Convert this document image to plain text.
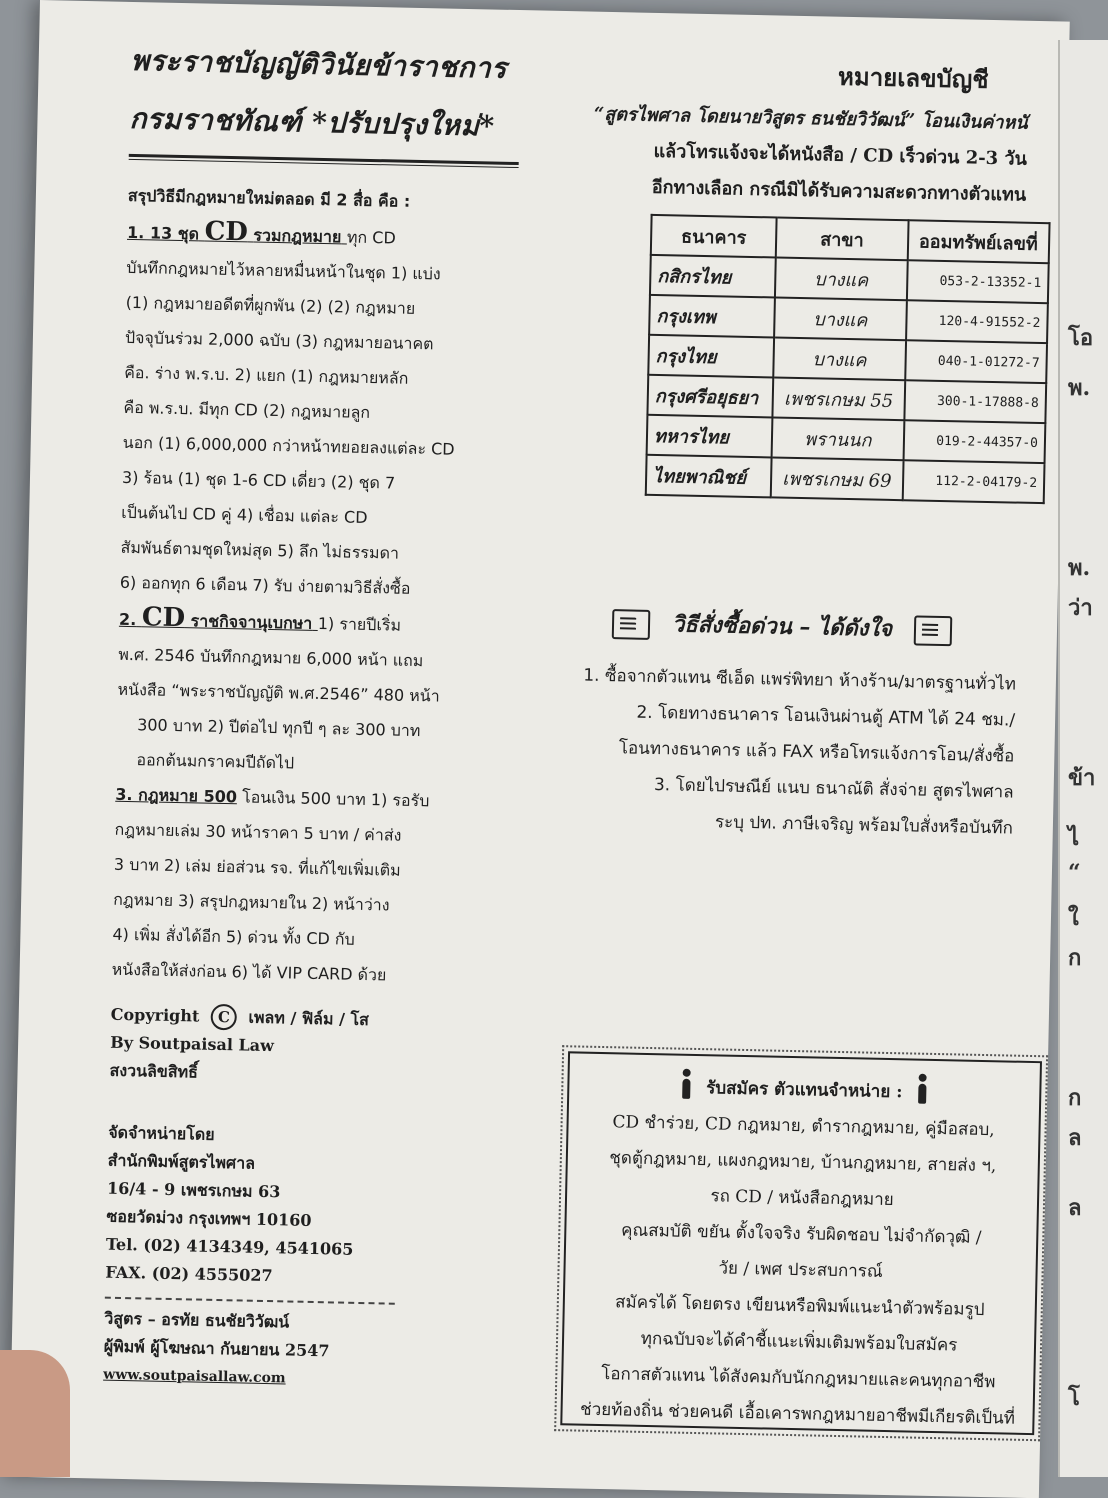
พระราชบัญญัติวินัยข้าราชการ
กรมราชทัณฑ์ *ปรับปรุงใหม่*
สรุปวิธีมีกฎหมายใหม่ตลอด มี 2 สื่อ คือ :
1. 13 ชุด CD รวมกฎหมาย ทุก CD
บันทึกกฎหมายไว้หลายหมื่นหน้าในชุด 1) แบ่ง
(1) กฎหมายอดีตที่ผูกพัน (2) (2) กฎหมาย
ปัจจุบันร่วม 2,000 ฉบับ (3) กฎหมายอนาคต
คือ. ร่าง พ.ร.บ. 2) แยก (1) กฎหมายหลัก
คือ พ.ร.บ. มีทุก CD (2) กฎหมายลูก
นอก (1) 6,000,000 กว่าหน้าทยอยลงแต่ละ CD
3) ร้อน (1) ชุด 1-6 CD เดี่ยว (2) ชุด 7
เป็นต้นไป CD คู่ 4) เชื่อม แต่ละ CD
สัมพันธ์ตามชุดใหม่สุด 5) ลึก ไม่ธรรมดา
6) ออกทุก 6 เดือน 7) รับ ง่ายตามวิธีสั่งซื้อ
2. CD ราชกิจจานุเบกษา 1) รายปีเริ่ม
พ.ศ. 2546 บันทึกกฎหมาย 6,000 หน้า แถม
หนังสือ “พระราชบัญญัติ พ.ศ.2546” 480 หน้า
300 บาท 2) ปีต่อไป ทุกปี ๆ ละ 300 บาท
ออกต้นมกราคมปีถัดไป
3. กฎหมาย 500 โอนเงิน 500 บาท 1) รอรับ
กฎหมายเล่ม 30 หน้าราคา 5 บาท / ค่าส่ง
3 บาท 2) เล่ม ย่อส่วน รจ. ที่แก้ไขเพิ่มเติม
กฎหมาย 3) สรุปกฎหมายใน 2) หน้าว่าง
4) เพิ่ม สั่งได้อีก 5) ด่วน ทั้ง CD กับ
หนังสือให้ส่งก่อน 6) ได้ VIP CARD ด้วย
Copyright C เพลท / ฟิล์ม / โส
By Soutpaisal Law
สงวนลิขสิทธิ์
จัดจำหน่ายโดย
สำนักพิมพ์สูตรไพศาล
16/4 - 9 เพชรเกษม 63
ซอยวัดม่วง กรุงเทพฯ 10160
Tel. (02) 4134349, 4541065
FAX. (02) 4555027
วิสูตร – อรทัย ธนชัยวิวัฒน์
ผู้พิมพ์ ผู้โฆษณา กันยายน 2547
www.soutpaisallaw.com
หมายเลขบัญชี
“สูตรไพศาล โดยนายวิสูตร ธนชัยวิวัฒน์” โอนเงินค่าหนั
แล้วโทรแจ้งจะได้หนังสือ / CD เร็วด่วน 2-3 วัน
อีกทางเลือก กรณีมิได้รับความสะดวกทางตัวแทน
ธนาคาร	สาขา	ออมทรัพย์เลขที่
กสิกรไทย	บางแค	053-2-13352-1
กรุงเทพ	บางแค	120-4-91552-2
กรุงไทย	บางแค	040-1-01272-7
กรุงศรีอยุธยา	เพชรเกษม 55	300-1-17888-8
ทหารไทย	พรานนก	019-2-44357-0
ไทยพาณิชย์	เพชรเกษม 69	112-2-04179-2
วิธีสั่งซื้อด่วน – ได้ดังใจ
1. ซื้อจากตัวแทน ซีเอ็ด แพร่พิทยา ห้างร้าน/มาตรฐานทั่วไท
2. โดยทางธนาคาร โอนเงินผ่านตู้ ATM ได้ 24 ชม./
โอนทางธนาคาร แล้ว FAX หรือโทรแจ้งการโอน/สั่งซื้อ
3. โดยไปรษณีย์ แนบ ธนาณัติ สั่งจ่าย สูตรไพศาล
ระบุ ปท. ภาษีเจริญ พร้อมใบสั่งหรือบันทึก
รับสมัคร ตัวแทนจำหน่าย :
CD ชำร่วย, CD กฎหมาย, ตำรากฎหมาย, คู่มือสอบ,
ชุดตู้กฎหมาย, แผงกฎหมาย, บ้านกฎหมาย, สายส่ง ฯ,
รถ CD / หนังสือกฎหมาย
คุณสมบัติ ขยัน ตั้งใจจริง รับผิดชอบ ไม่จำกัดวุฒิ /
วัย / เพศ ประสบการณ์
สมัครได้ โดยตรง เขียนหรือพิมพ์แนะนำตัวพร้อมรูป
ทุกฉบับจะได้คำชี้แนะเพิ่มเติมพร้อมใบสมัคร
โอกาสตัวแทน ได้สังคมกับนักกฎหมายและคนทุกอาชีพ
ช่วยท้องถิ่น ช่วยคนดี เอื้อเคารพกฎหมายอาชีพมีเกียรติเป็นที่
โอ
พ.
พ.
ว่า
ข้า
ไ
“
ใ
ก
ก
ล
ล
โ
